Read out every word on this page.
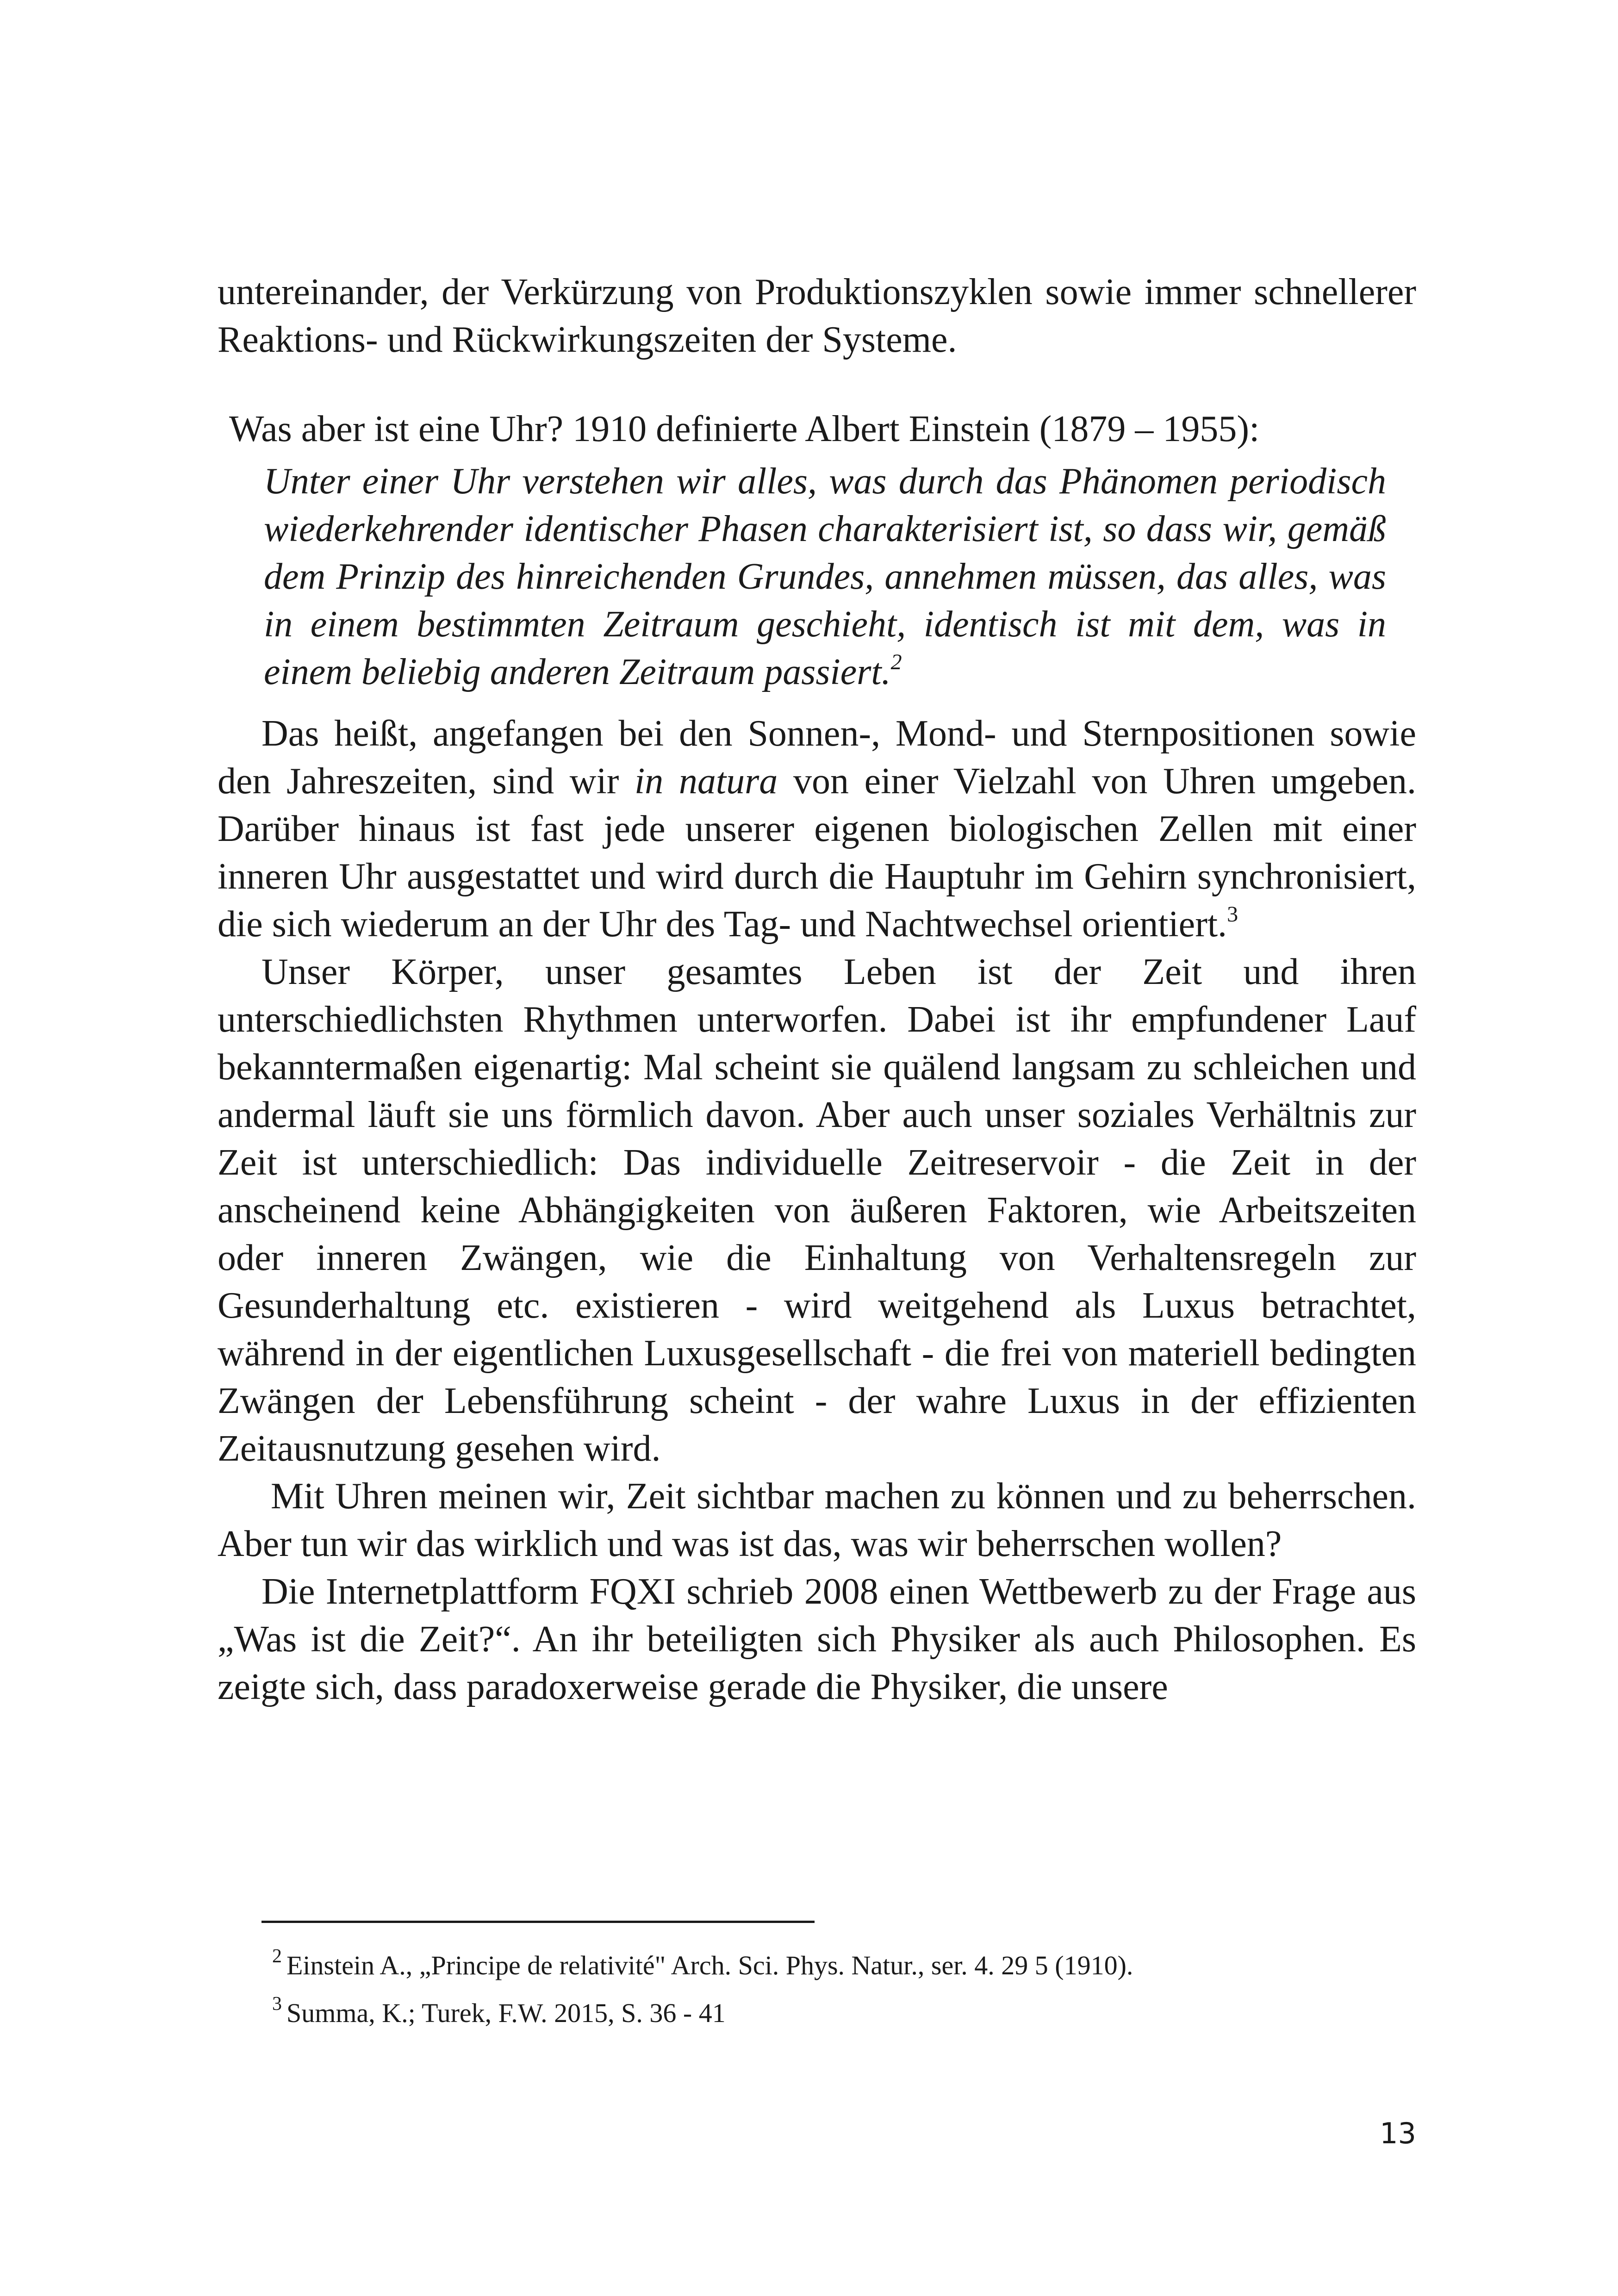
untereinander, der Verkürzung von Produktionszyklen sowie immer schnellerer Reaktions- und Rückwirkungszeiten der Systeme.

Was aber ist eine Uhr? 1910 definierte Albert Einstein (1879 – 1955):

Unter einer Uhr verstehen wir alles, was durch das Phänomen periodisch wiederkehrender identischer Phasen charakterisiert ist, so dass wir, gemäß dem Prinzip des hinreichenden Grundes, annehmen müssen, das alles, was in einem bestimmten Zeitraum geschieht, identisch ist mit dem, was in einem beliebig anderen Zeitraum passiert.$^2$

Das heißt, angefangen bei den Sonnen-, Mond- und Sternpositionen sowie den Jahreszeiten, sind wir in natura von einer Vielzahl von Uhren umgeben. Darüber hinaus ist fast jede unserer eigenen biologischen Zellen mit einer inneren Uhr ausgestattet und wird durch die Hauptuhr im Gehirn synchronisiert, die sich wiederum an der Uhr des Tag- und Nachtwechsel orientiert.$^3$

Unser Körper, unser gesamtes Leben ist der Zeit und ihren unterschiedlichsten Rhythmen unterworfen. Dabei ist ihr empfundener Lauf bekanntermaßen eigenartig: Mal scheint sie quälend langsam zu schleichen und andermal läuft sie uns förmlich davon. Aber auch unser soziales Verhältnis zur Zeit ist unterschiedlich: Das individuelle Zeitreservoir - die Zeit in der anscheinend keine Abhängigkeiten von äußeren Faktoren, wie Arbeitszeiten oder inneren Zwängen, wie die Einhaltung von Verhaltensregeln zur Gesunderhaltung etc. existieren - wird weitgehend als Luxus betrachtet, während in der eigentlichen Luxusgesellschaft - die frei von materiell bedingten Zwängen der Lebensführung scheint - der wahre Luxus in der effizienten Zeitausnutzung gesehen wird.

Mit Uhren meinen wir, Zeit sichtbar machen zu können und zu beherrschen. Aber tun wir das wirklich und was ist das, was wir beherrschen wollen?

Die Internetplattform FQXI schrieb 2008 einen Wettbewerb zu der Frage aus „Was ist die Zeit?“. An ihr beteiligten sich Physiker als auch Philosophen. Es zeigte sich, dass paradoxerweise gerade die Physiker, die unsere

$^2$ Einstein A., „Principe de relativité" Arch. Sci. Phys. Natur., ser. 4. 29 5 (1910).

$^3$ Summa, K.; Turek, F.W. 2015, S. 36 - 41

13
